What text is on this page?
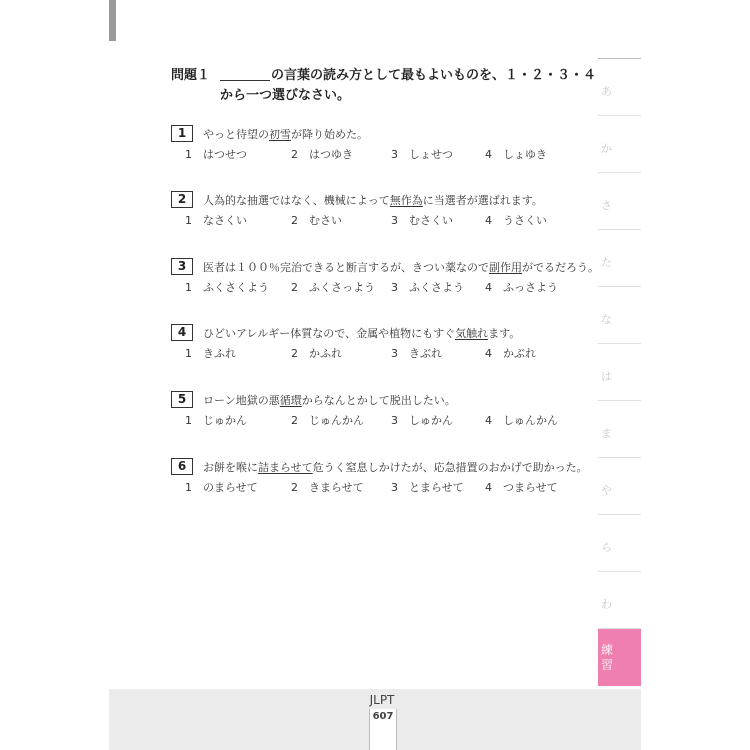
問題１	の言葉の読み方として最もよいものを、１・２・３・４
から一つ選びなさい。
1	やっと待望の初雪が降り始めた。
1 はつせつ	2 はつゆき	3 しょせつ	4 しょゆき
2	人為的な抽選ではなく、機械によって無作為に当選者が選ばれます。
1 なさくい	2 むさい	3 むさくい	4 うさくい
3	医者は１００％完治できると断言するが、きつい薬なので副作用がでるだろう。
1 ふくさくよう 2 ふくさっよう 3 ふくさよう 4 ふっさよう
4	ひどいアレルギー体質なので、金属や植物にもすぐ気触れます。
1 きふれ	2 かふれ	3 きぶれ	4 かぶれ
5	ローン地獄の悪循環からなんとかして脱出したい。
1 じゅかん	2 じゅんかん 3 しゅかん	4 しゅんかん
6	お餅を喉に詰まらせて危うく窒息しかけたが、応急措置のおかげで助かった。
1 のまらせて	2 きまらせて 3 とまらせて 4 つまらせて
あ
か
さ
た
な
は
ま
や
ら
わ
練
習
JLPT
607
